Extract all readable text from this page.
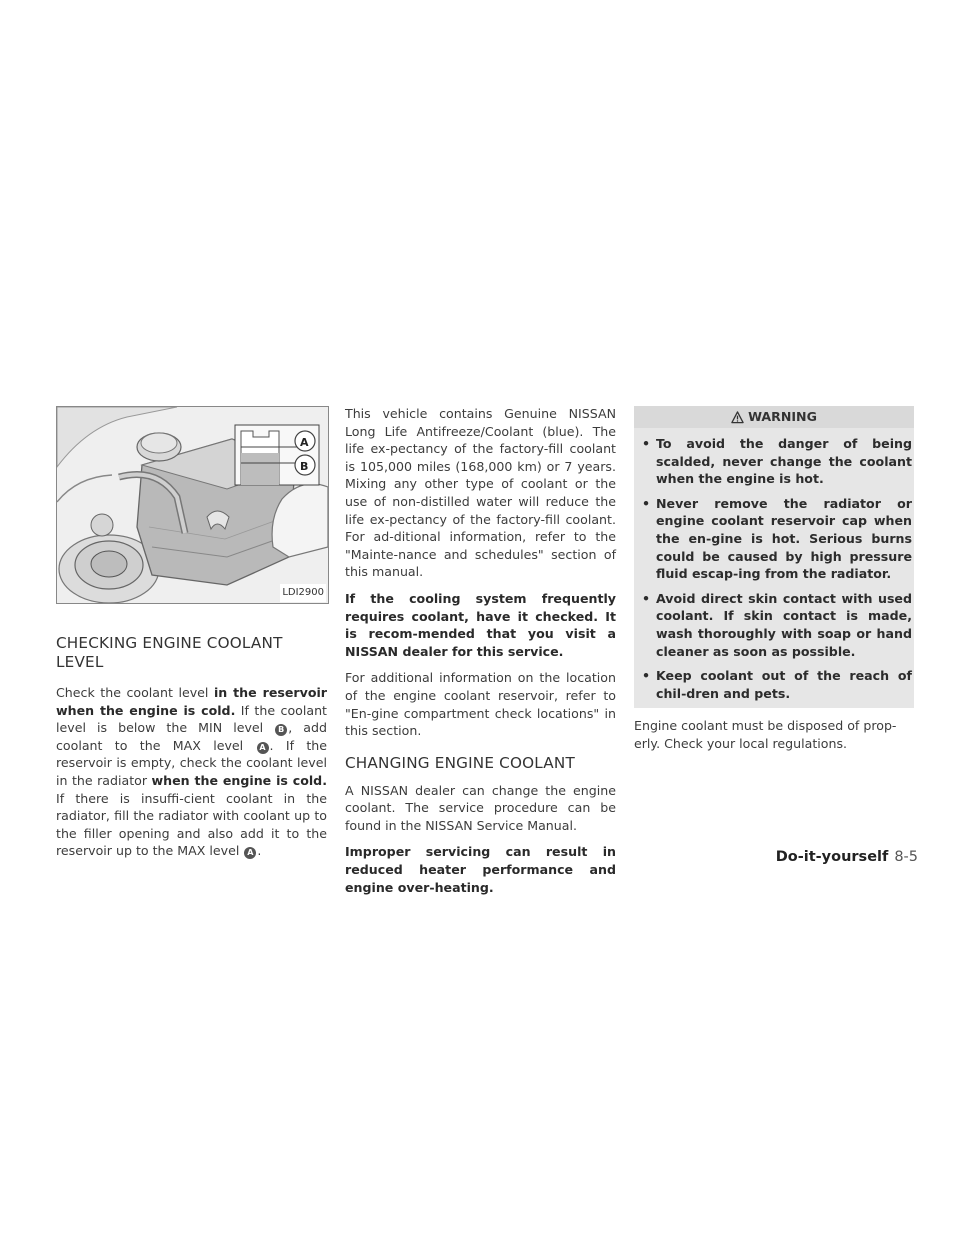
A
B
LDI2900
CHECKING ENGINE COOLANT
LEVEL

Check the coolant level in the reservoir when the engine is cold. If the coolant level is below the MIN level B , add coolant to the MAX level A . If the reservoir is empty, check the coolant level in the radiator when the engine is cold. If there is insuffi-cient coolant in the radiator, fill the radiator with coolant up to the filler opening and also add it to the reservoir up to the MAX level A .

This vehicle contains Genuine NISSAN Long Life Antifreeze/Coolant (blue). The life ex-pectancy of the factory-fill coolant is 105,000 miles (168,000 km) or 7 years. Mixing any other type of coolant or the use of non-distilled water will reduce the life ex-pectancy of the factory-fill coolant. For ad-ditional information, refer to the "Mainte-nance and schedules" section of this manual.

If the cooling system frequently requires coolant, have it checked. It is recom-mended that you visit a NISSAN dealer for this service.

For additional information on the location of the engine coolant reservoir, refer to "En-gine compartment check locations" in this section.

CHANGING ENGINE COOLANT

A NISSAN dealer can change the engine coolant. The service procedure can be found in the NISSAN Service Manual.

Improper servicing can result in reduced heater performance and engine over-heating.

WARNING
• To avoid the danger of being scalded, never change the coolant when the engine is hot.
• Never remove the radiator or engine coolant reservoir cap when the en-gine is hot. Serious burns could be caused by high pressure fluid escap-ing from the radiator.
• Avoid direct skin contact with used coolant. If skin contact is made, wash thoroughly with soap or hand cleaner as soon as possible.
• Keep coolant out of the reach of chil-dren and pets.

Engine coolant must be disposed of prop-erly. Check your local regulations.

Do-it-yourself 8-5
